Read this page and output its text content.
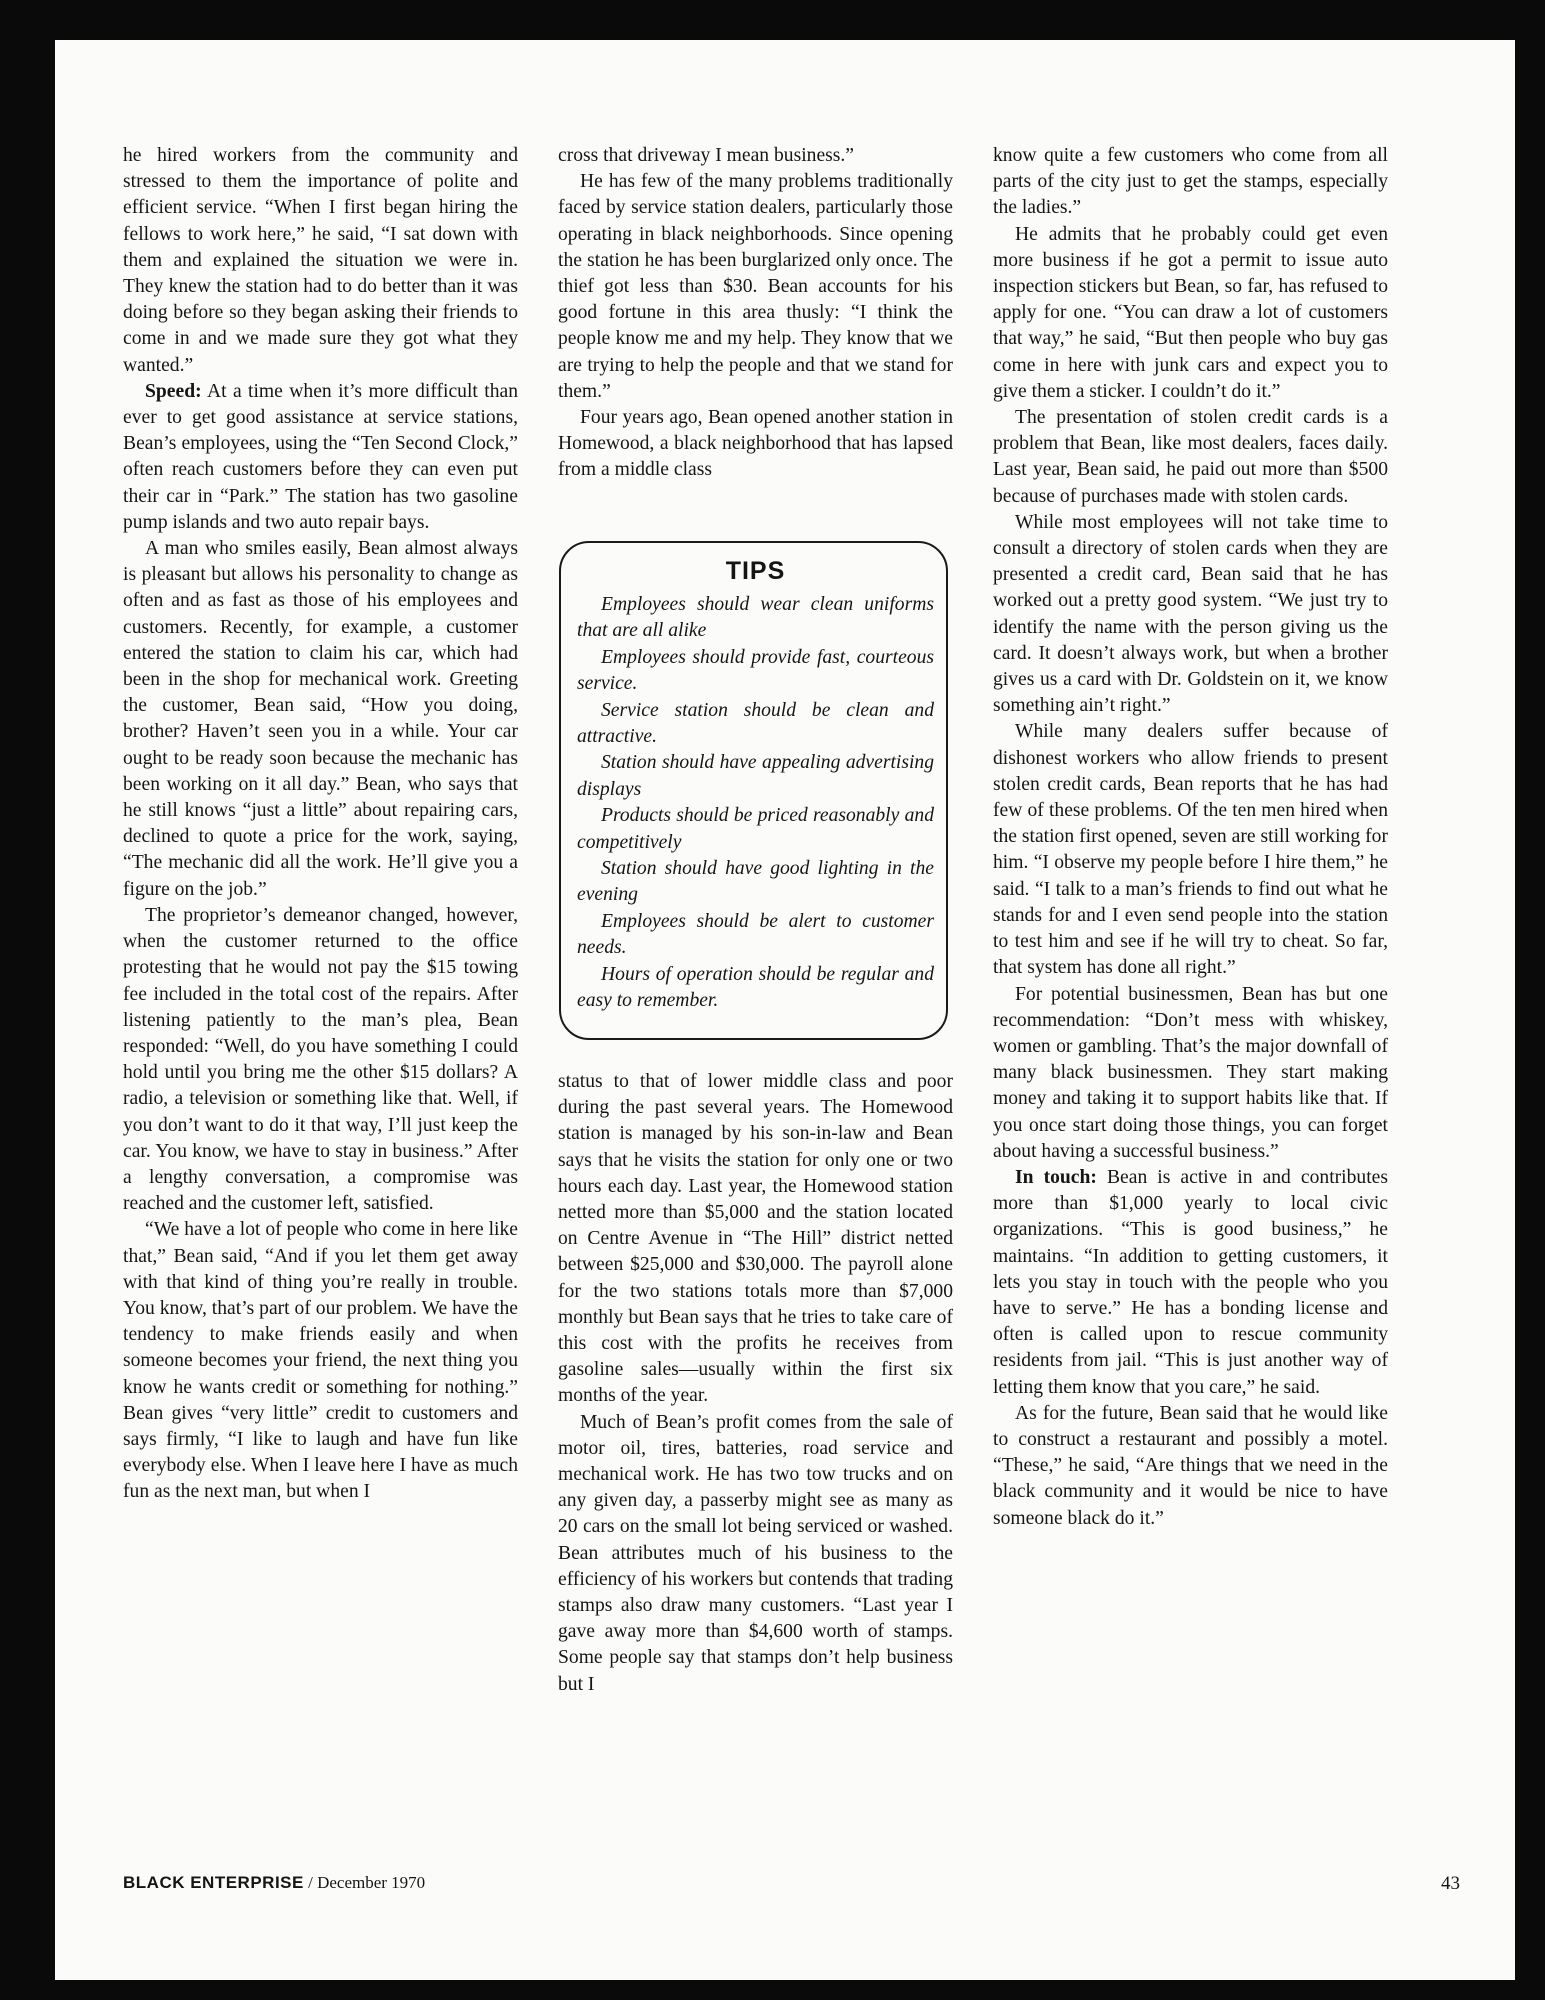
he hired workers from the community and stressed to them the importance of polite and efficient service. “When I first began hiring the fellows to work here,” he said, “I sat down with them and explained the situation we were in. They knew the station had to do better than it was doing before so they began asking their friends to come in and we made sure they got what they wanted.”

Speed: At a time when it’s more difficult than ever to get good assistance at service stations, Bean’s employees, using the “Ten Second Clock,” often reach customers before they can even put their car in “Park.” The station has two gasoline pump islands and two auto repair bays.

A man who smiles easily, Bean almost always is pleasant but allows his personality to change as often and as fast as those of his employees and customers. Recently, for example, a customer entered the station to claim his car, which had been in the shop for mechanical work. Greeting the customer, Bean said, “How you doing, brother? Haven’t seen you in a while. Your car ought to be ready soon because the mechanic has been working on it all day.” Bean, who says that he still knows “just a little” about repairing cars, declined to quote a price for the work, saying, “The mechanic did all the work. He’ll give you a figure on the job.”

The proprietor’s demeanor changed, however, when the customer returned to the office protesting that he would not pay the $15 towing fee included in the total cost of the repairs. After listening patiently to the man’s plea, Bean responded: “Well, do you have something I could hold until you bring me the other $15 dollars? A radio, a television or something like that. Well, if you don’t want to do it that way, I’ll just keep the car. You know, we have to stay in business.” After a lengthy conversation, a compromise was reached and the customer left, satisfied.

“We have a lot of people who come in here like that,” Bean said, “And if you let them get away with that kind of thing you’re really in trouble. You know, that’s part of our problem. We have the tendency to make friends easily and when someone becomes your friend, the next thing you know he wants credit or something for nothing.” Bean gives “very little” credit to customers and says firmly, “I like to laugh and have fun like everybody else. When I leave here I have as much fun as the next man, but when I

cross that driveway I mean business.”

He has few of the many problems traditionally faced by service station dealers, particularly those operating in black neighborhoods. Since opening the station he has been burglarized only once. The thief got less than $30. Bean accounts for his good fortune in this area thusly: “I think the people know me and my help. They know that we are trying to help the people and that we stand for them.”

Four years ago, Bean opened another station in Homewood, a black neighborhood that has lapsed from a middle class

TIPS
Employees should wear clean uniforms that are all alike
Employees should provide fast, courteous service.
Service station should be clean and attractive.
Station should have appealing advertising displays
Products should be priced reasonably and competitively
Station should have good lighting in the evening
Employees should be alert to customer needs.
Hours of operation should be regular and easy to remember.

status to that of lower middle class and poor during the past several years. The Homewood station is managed by his son-in-law and Bean says that he visits the station for only one or two hours each day. Last year, the Homewood station netted more than $5,000 and the station located on Centre Avenue in “The Hill” district netted between $25,000 and $30,000. The payroll alone for the two stations totals more than $7,000 monthly but Bean says that he tries to take care of this cost with the profits he receives from gasoline sales—usually within the first six months of the year.

Much of Bean’s profit comes from the sale of motor oil, tires, batteries, road service and mechanical work. He has two tow trucks and on any given day, a passerby might see as many as 20 cars on the small lot being serviced or washed. Bean attributes much of his business to the efficiency of his workers but contends that trading stamps also draw many customers. “Last year I gave away more than $4,600 worth of stamps. Some people say that stamps don’t help business but I

know quite a few customers who come from all parts of the city just to get the stamps, especially the ladies.”

He admits that he probably could get even more business if he got a permit to issue auto inspection stickers but Bean, so far, has refused to apply for one. “You can draw a lot of customers that way,” he said, “But then people who buy gas come in here with junk cars and expect you to give them a sticker. I couldn’t do it.”

The presentation of stolen credit cards is a problem that Bean, like most dealers, faces daily. Last year, Bean said, he paid out more than $500 because of purchases made with stolen cards.

While most employees will not take time to consult a directory of stolen cards when they are presented a credit card, Bean said that he has worked out a pretty good system. “We just try to identify the name with the person giving us the card. It doesn’t always work, but when a brother gives us a card with Dr. Goldstein on it, we know something ain’t right.”

While many dealers suffer because of dishonest workers who allow friends to present stolen credit cards, Bean reports that he has had few of these problems. Of the ten men hired when the station first opened, seven are still working for him. “I observe my people before I hire them,” he said. “I talk to a man’s friends to find out what he stands for and I even send people into the station to test him and see if he will try to cheat. So far, that system has done all right.”

For potential businessmen, Bean has but one recommendation: “Don’t mess with whiskey, women or gambling. That’s the major downfall of many black businessmen. They start making money and taking it to support habits like that. If you once start doing those things, you can forget about having a successful business.”

In touch: Bean is active in and contributes more than $1,000 yearly to local civic organizations. “This is good business,” he maintains. “In addition to getting customers, it lets you stay in touch with the people who you have to serve.” He has a bonding license and often is called upon to rescue community residents from jail. “This is just another way of letting them know that you care,” he said.

As for the future, Bean said that he would like to construct a restaurant and possibly a motel. “These,” he said, “Are things that we need in the black community and it would be nice to have someone black do it.”

BLACK ENTERPRISE / December 1970	43
